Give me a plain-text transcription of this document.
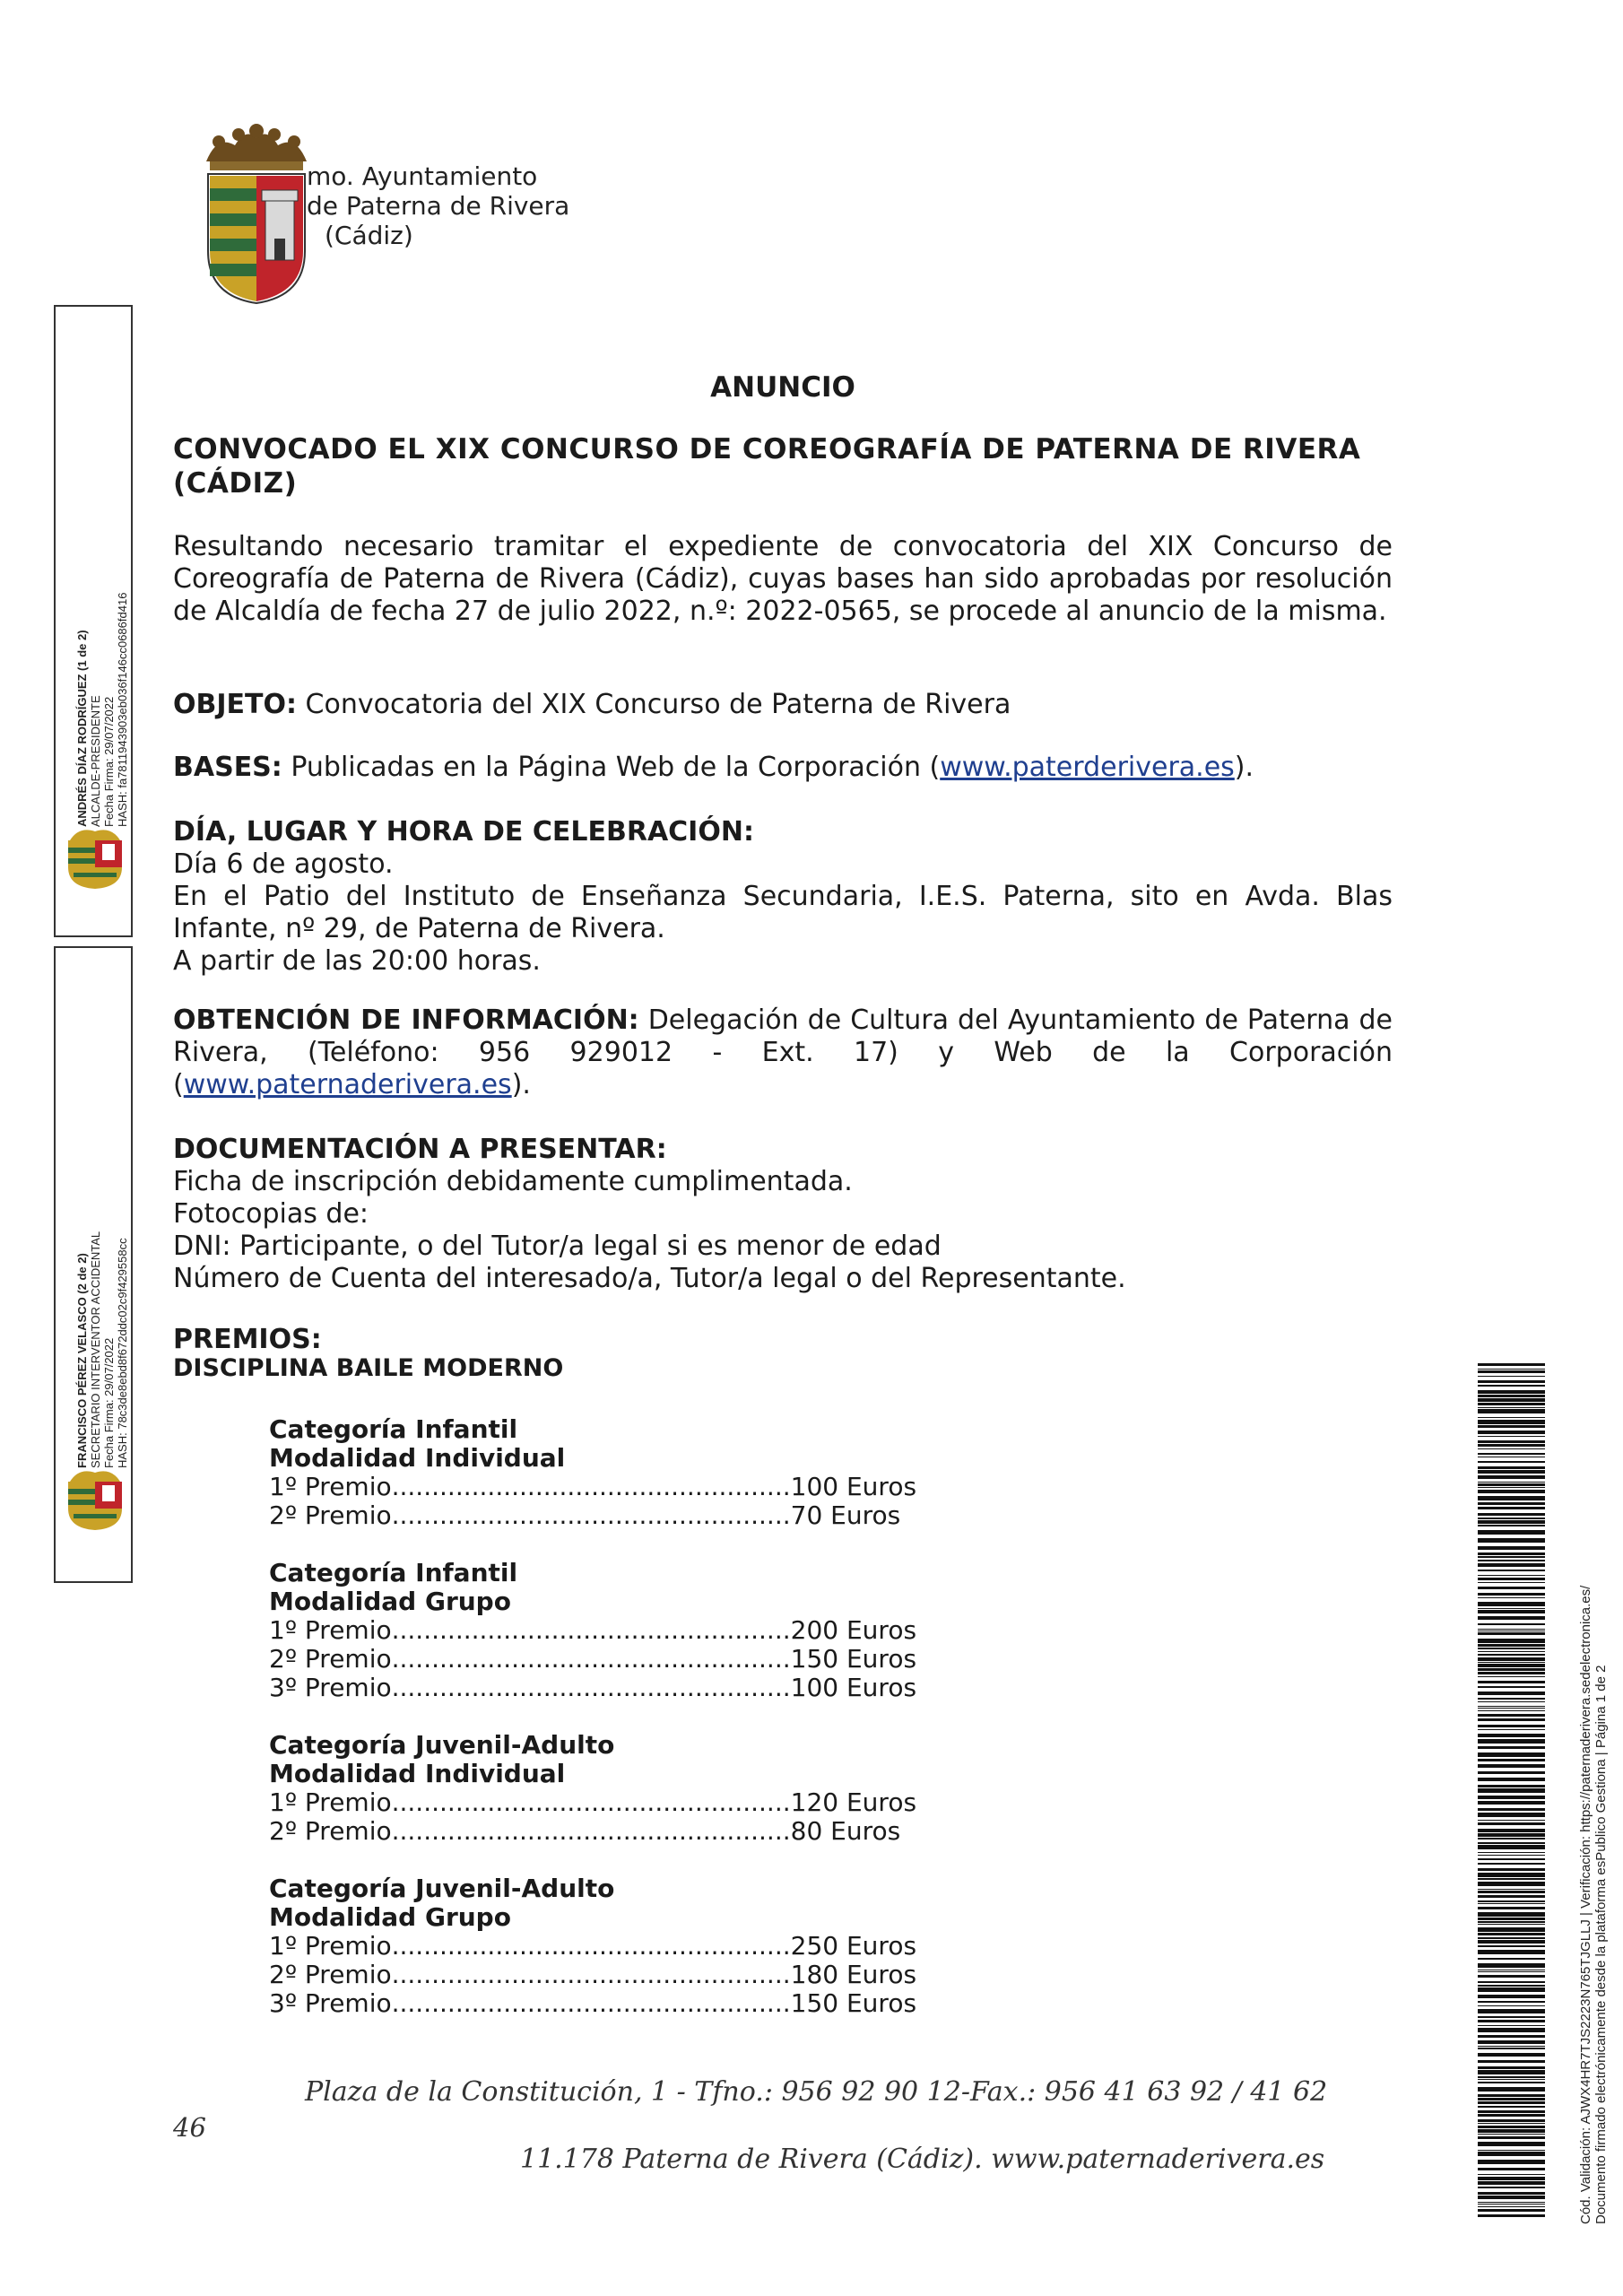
mo. Ayuntamiento
de Paterna de Rivera
(Cádiz)
ANDRÉS DÍAZ RODRÍGUEZ (1 de 2) ALCALDE-PRESIDENTE Fecha Firma: 29/07/2022 HASH: fa7811943903eb036f146cc0686fd416
FRANCISCO PÉREZ VELASCO (2 de 2) SECRETARIO INTERVENTOR ACCIDENTAL Fecha Firma: 29/07/2022 HASH: 78c3de8ebd8f672ddc02c9f429558cc
ANUNCIO
CONVOCADO EL XIX CONCURSO DE COREOGRAFÍA DE PATERNA DE RIVERA (CÁDIZ)
Resultando necesario tramitar el expediente de convocatoria del XIX Concurso de Coreografía de Paterna de Rivera (Cádiz), cuyas bases han sido aprobadas por resolución de Alcaldía de fecha 27 de julio 2022, n.º: 2022-0565, se procede al anuncio de la misma.
OBJETO: Convocatoria del XIX Concurso de Paterna de Rivera
BASES: Publicadas en la Página Web de la Corporación (www.paterderivera.es).
DÍA, LUGAR Y HORA DE CELEBRACIÓN:
Día 6 de agosto.
En el Patio del Instituto de Enseñanza Secundaria, I.E.S. Paterna, sito en Avda. Blas Infante, nº 29, de Paterna de Rivera.
A partir de las 20:00 horas.
OBTENCIÓN DE INFORMACIÓN: Delegación de Cultura del Ayuntamiento de Paterna de Rivera, (Teléfono: 956 929012 - Ext. 17) y Web de la Corporación (www.paternaderivera.es).
DOCUMENTACIÓN A PRESENTAR:
Ficha de inscripción debidamente cumplimentada.
Fotocopias de:
DNI: Participante, o del Tutor/a legal si es menor de edad
Número de Cuenta del interesado/a, Tutor/a legal o del Representante.
PREMIOS:
DISCIPLINA BAILE MODERNO
Categoría Infantil
Modalidad Individual
1º Premio .................................................. 100 Euros
2º Premio .................................................. 70 Euros
Categoría Infantil
Modalidad Grupo
1º Premio .................................................. 200 Euros
2º Premio .................................................. 150 Euros
3º Premio .................................................. 100 Euros
Categoría Juvenil-Adulto
Modalidad Individual
1º Premio .................................................. 120 Euros
2º Premio .................................................. 80 Euros
Categoría Juvenil-Adulto
Modalidad Grupo
1º Premio .................................................. 250 Euros
2º Premio .................................................. 180 Euros
3º Premio .................................................. 150 Euros
Plaza de la Constitución, 1 - Tfno.: 956 92 90 12-Fax.: 956 41 63 92 / 41 62
46
11.178 Paterna de Rivera (Cádiz). www.paternaderivera.es	Cód. Validación: AJWX4HR7TJS2223N765TJGLLJ | Verificación: https://paternaderivera.sedelectronica.es/ Documento firmado electrónicamente desde la plataforma esPublico Gestiona | Página 1 de 2
